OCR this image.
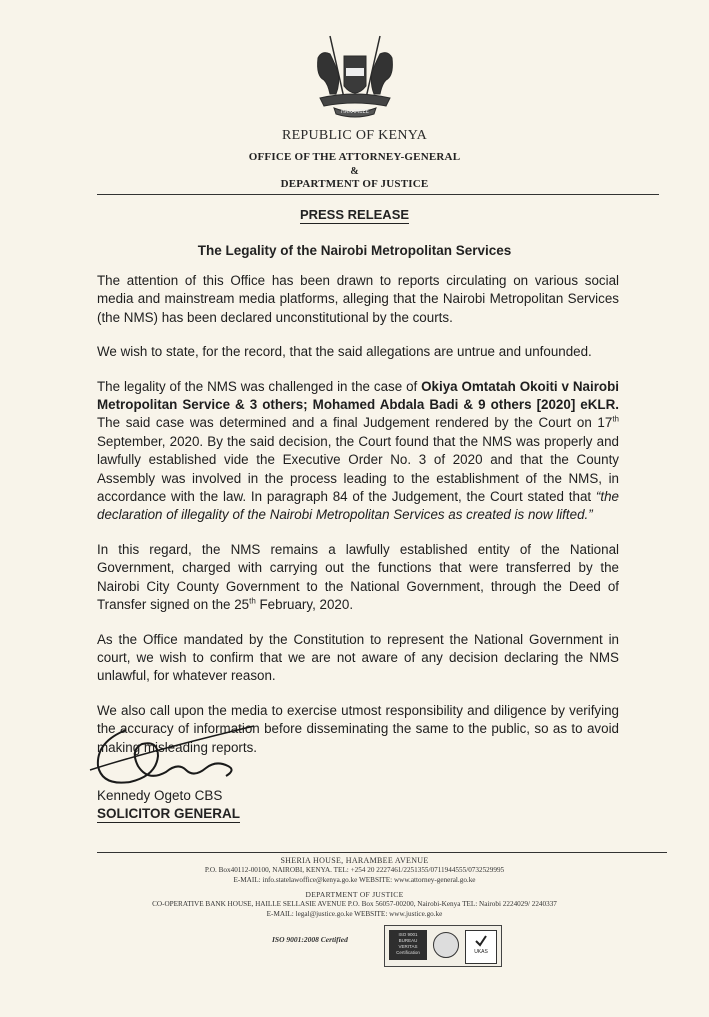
HARAMBEE
REPUBLIC OF KENYA
OFFICE OF THE ATTORNEY-GENERAL
&
DEPARTMENT OF JUSTICE
PRESS RELEASE
The Legality of the Nairobi Metropolitan Services

The attention of this Office has been drawn to reports circulating on various social media and mainstream media platforms, alleging that the Nairobi Metropolitan Services (the NMS) has been declared unconstitutional by the courts.

We wish to state, for the record, that the said allegations are untrue and unfounded.

The legality of the NMS was challenged in the case of Okiya Omtatah Okoiti v Nairobi Metropolitan Service & 3 others; Mohamed Abdala Badi & 9 others [2020] eKLR. The said case was determined and a final Judgement rendered by the Court on 17th September, 2020. By the said decision, the Court found that the NMS was properly and lawfully established vide the Executive Order No. 3 of 2020 and that the County Assembly was involved in the process leading to the establishment of the NMS, in accordance with the law. In paragraph 84 of the Judgement, the Court stated that “the declaration of illegality of the Nairobi Metropolitan Services as created is now lifted.”

In this regard, the NMS remains a lawfully established entity of the National Government, charged with carrying out the functions that were transferred by the Nairobi City County Government to the National Government, through the Deed of Transfer signed on the 25th February, 2020.

As the Office mandated by the Constitution to represent the National Government in court, we wish to confirm that we are not aware of any decision declaring the NMS unlawful, for whatever reason.

We also call upon the media to exercise utmost responsibility and diligence by verifying the accuracy of information before disseminating the same to the public, so as to avoid making misleading reports.

Kennedy Ogeto CBS
SOLICITOR GENERAL
SHERIA HOUSE, HARAMBEE AVENUE
P.O. Box40112-00100, NAIROBI, KENYA. TEL: +254 20 2227461/2251355/0711944555/0732529995
E-MAIL: info.statelawoffice@kenya.go.ke WEBSITE: www.attorney-general.go.ke
DEPARTMENT OF JUSTICE
CO-OPERATIVE BANK HOUSE, HAILLE SELLASIE AVENUE P.O. Box 56057-00200, Nairobi-Kenya TEL: Nairobi 2224029/ 2240337
E-MAIL: legal@justice.go.ke WEBSITE: www.justice.go.ke
ISO 9001:2008 Certified
ISO 9001 BUREAU VERITAS Certification	UKAS
